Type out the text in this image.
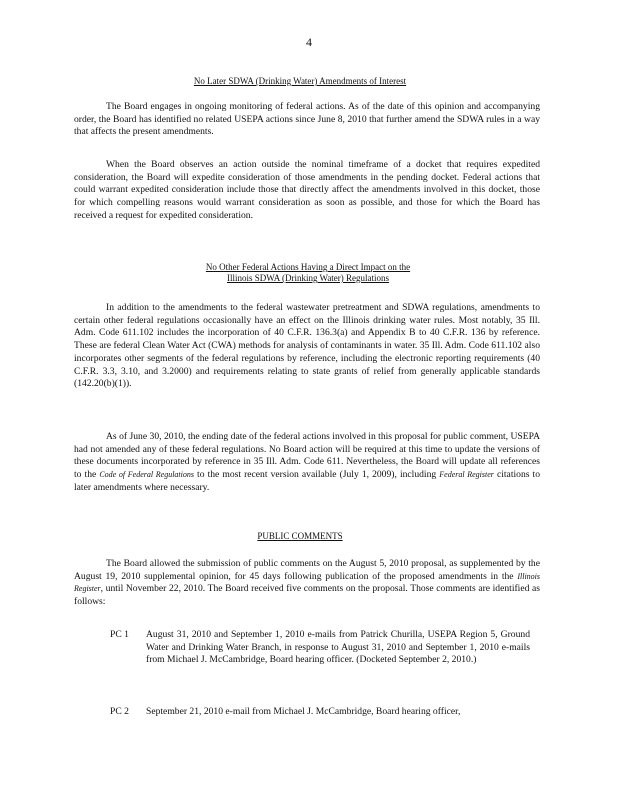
4
No Later SDWA (Drinking Water) Amendments of Interest
The Board engages in ongoing monitoring of federal actions. As of the date of this opinion and accompanying order, the Board has identified no related USEPA actions since June 8, 2010 that further amend the SDWA rules in a way that affects the present amendments.
When the Board observes an action outside the nominal timeframe of a docket that requires expedited consideration, the Board will expedite consideration of those amendments in the pending docket. Federal actions that could warrant expedited consideration include those that directly affect the amendments involved in this docket, those for which compelling reasons would warrant consideration as soon as possible, and those for which the Board has received a request for expedited consideration.
No Other Federal Actions Having a Direct Impact on the
Illinois SDWA (Drinking Water) Regulations
In addition to the amendments to the federal wastewater pretreatment and SDWA regulations, amendments to certain other federal regulations occasionally have an effect on the Illinois drinking water rules. Most notably, 35 Ill. Adm. Code 611.102 includes the incorporation of 40 C.F.R. 136.3(a) and Appendix B to 40 C.F.R. 136 by reference. These are federal Clean Water Act (CWA) methods for analysis of contaminants in water. 35 Ill. Adm. Code 611.102 also incorporates other segments of the federal regulations by reference, including the electronic reporting requirements (40 C.F.R. 3.3, 3.10, and 3.2000) and requirements relating to state grants of relief from generally applicable standards (142.20(b)(1)).
As of June 30, 2010, the ending date of the federal actions involved in this proposal for public comment, USEPA had not amended any of these federal regulations. No Board action will be required at this time to update the versions of these documents incorporated by reference in 35 Ill. Adm. Code 611. Nevertheless, the Board will update all references to the Code of Federal Regulations to the most recent version available (July 1, 2009), including Federal Register citations to later amendments where necessary.
PUBLIC COMMENTS
The Board allowed the submission of public comments on the August 5, 2010 proposal, as supplemented by the August 19, 2010 supplemental opinion, for 45 days following publication of the proposed amendments in the Illinois Register, until November 22, 2010. The Board received five comments on the proposal. Those comments are identified as follows:
PC 1 August 31, 2010 and September 1, 2010 e-mails from Patrick Churilla, USEPA Region 5, Ground Water and Drinking Water Branch, in response to August 31, 2010 and September 1, 2010 e-mails from Michael J. McCambridge, Board hearing officer. (Docketed September 2, 2010.)
PC 2 September 21, 2010 e-mail from Michael J. McCambridge, Board hearing officer,
